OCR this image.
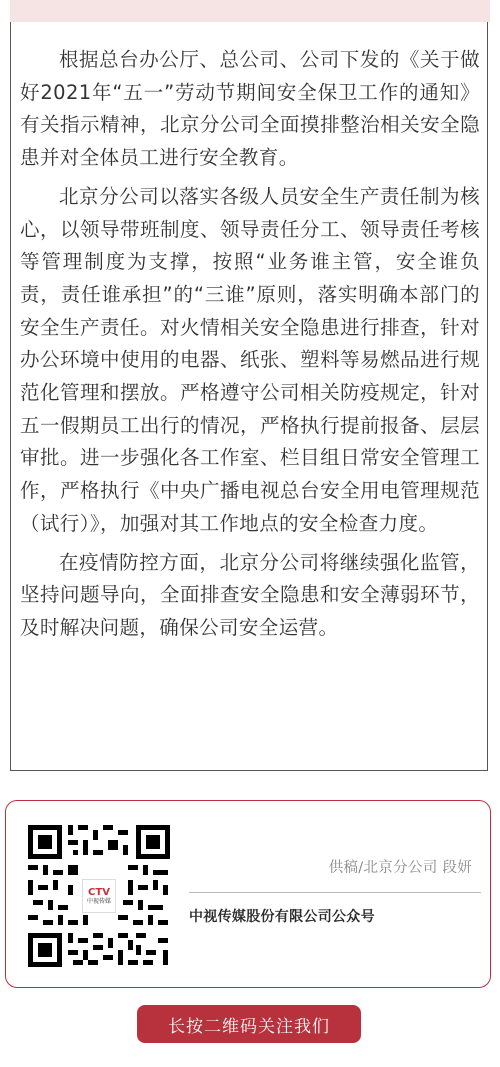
根据总台办公厅、总公司、公司下发的《关于做好2021年“五一”劳动节期间安全保卫工作的通知》有关指示精神，北京分公司全面摸排整治相关安全隐患并对全体员工进行安全教育。

北京分公司以落实各级人员安全生产责任制为核心，以领导带班制度、领导责任分工、领导责任考核等管理制度为支撑，按照“业务谁主管，安全谁负责，责任谁承担”的“三谁”原则，落实明确本部门的安全生产责任。对火情相关安全隐患进行排查，针对办公环境中使用的电器、纸张、塑料等易燃品进行规范化管理和摆放。严格遵守公司相关防疫规定，针对五一假期员工出行的情况，严格执行提前报备、层层审批。进一步强化各工作室、栏目组日常安全管理工作，严格执行《中央广播电视总台安全用电管理规范（试行）》，加强对其工作地点的安全检查力度。

在疫情防控方面，北京分公司将继续强化监管，坚持问题导向，全面排查安全隐患和安全薄弱环节，及时解决问题，确保公司安全运营。

CTV
中视传媒
供稿/北京分公司 段妍
中视传媒股份有限公司公众号
长按二维码关注我们
